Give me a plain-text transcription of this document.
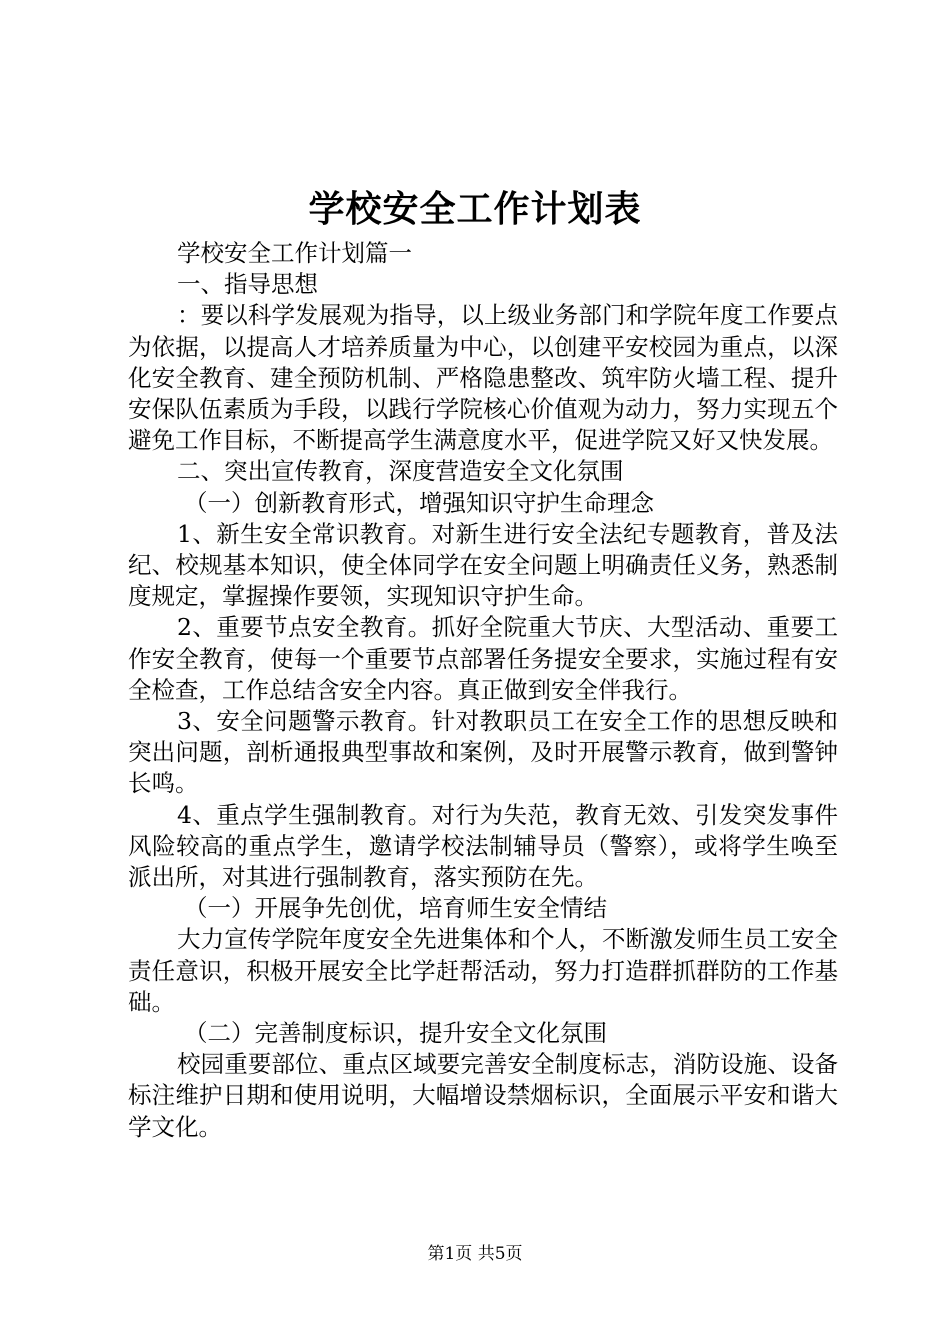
学校安全工作计划表

学校安全工作计划篇一

一、指导思想

：要以科学发展观为指导，以上级业务部门和学院年度工作要点为依据，以提高人才培养质量为中心，以创建平安校园为重点，以深化安全教育、建全预防机制、严格隐患整改、筑牢防火墙工程、提升安保队伍素质为手段，以践行学院核心价值观为动力，努力实现五个避免工作目标，不断提高学生满意度水平，促进学院又好又快发展。

二、突出宣传教育，深度营造安全文化氛围

（一）创新教育形式，增强知识守护生命理念

1、新生安全常识教育。对新生进行安全法纪专题教育，普及法纪、校规基本知识，使全体同学在安全问题上明确责任义务，熟悉制度规定，掌握操作要领，实现知识守护生命。

2、重要节点安全教育。抓好全院重大节庆、大型活动、重要工作安全教育，使每一个重要节点部署任务提安全要求，实施过程有安全检查，工作总结含安全内容。真正做到安全伴我行。

3、安全问题警示教育。针对教职员工在安全工作的思想反映和突出问题，剖析通报典型事故和案例，及时开展警示教育，做到警钟长鸣。

4、重点学生强制教育。对行为失范，教育无效、引发突发事件风险较高的重点学生，邀请学校法制辅导员（警察），或将学生唤至派出所，对其进行强制教育，落实预防在先。

（一）开展争先创优，培育师生安全情结

大力宣传学院年度安全先进集体和个人，不断激发师生员工安全责任意识，积极开展安全比学赶帮活动，努力打造群抓群防的工作基础。

（二）完善制度标识，提升安全文化氛围

校园重要部位、重点区域要完善安全制度标志，消防设施、设备标注维护日期和使用说明，大幅增设禁烟标识，全面展示平安和谐大学文化。

第1页 共5页
